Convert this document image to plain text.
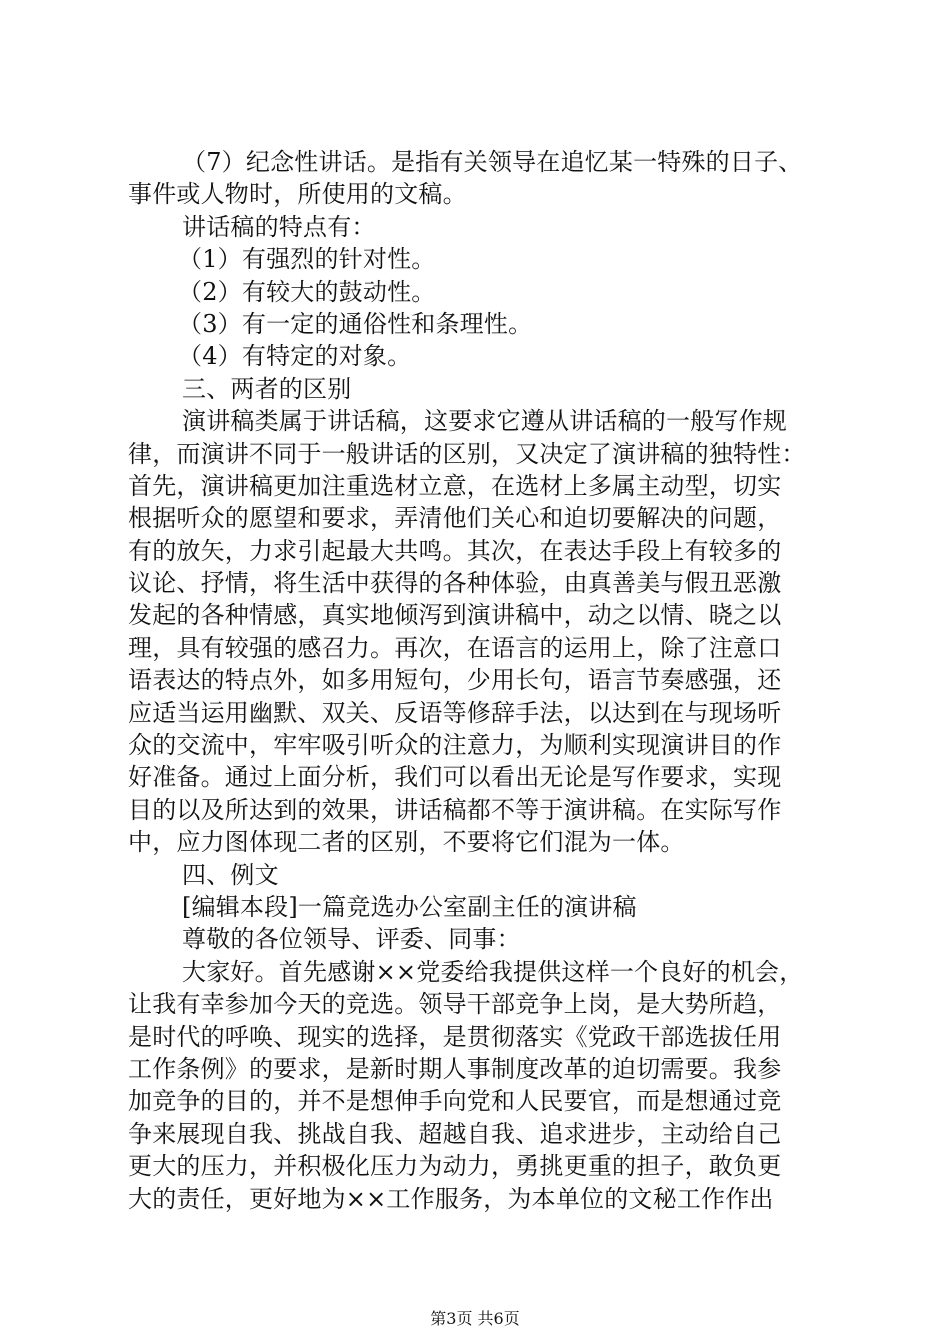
（7）纪念性讲话。是指有关领导在追忆某一特殊的日子、
事件或人物时，所使用的文稿。
讲话稿的特点有：
（1）有强烈的针对性。
（2）有较大的鼓动性。
（3）有一定的通俗性和条理性。
（4）有特定的对象。
三、两者的区别
演讲稿类属于讲话稿，这要求它遵从讲话稿的一般写作规
律，而演讲不同于一般讲话的区别，又决定了演讲稿的独特性：
首先，演讲稿更加注重选材立意，在选材上多属主动型，切实
根据听众的愿望和要求，弄清他们关心和迫切要解决的问题，
有的放矢，力求引起最大共鸣。其次，在表达手段上有较多的
议论、抒情，将生活中获得的各种体验，由真善美与假丑恶激
发起的各种情感，真实地倾泻到演讲稿中，动之以情、晓之以
理，具有较强的感召力。再次，在语言的运用上，除了注意口
语表达的特点外，如多用短句，少用长句，语言节奏感强，还
应适当运用幽默、双关、反语等修辞手法，以达到在与现场听
众的交流中，牢牢吸引听众的注意力，为顺利实现演讲目的作
好准备。通过上面分析，我们可以看出无论是写作要求，实现
目的以及所达到的效果，讲话稿都不等于演讲稿。在实际写作
中，应力图体现二者的区别，不要将它们混为一体。
四、例文
[编辑本段]一篇竞选办公室副主任的演讲稿
尊敬的各位领导、评委、同事：
大家好。首先感谢××党委给我提供这样一个良好的机会，
让我有幸参加今天的竞选。领导干部竞争上岗，是大势所趋，
是时代的呼唤、现实的选择，是贯彻落实《党政干部选拔任用
工作条例》的要求，是新时期人事制度改革的迫切需要。我参
加竞争的目的，并不是想伸手向党和人民要官，而是想通过竞
争来展现自我、挑战自我、超越自我、追求进步，主动给自己
更大的压力，并积极化压力为动力，勇挑更重的担子，敢负更
大的责任，更好地为××工作服务，为本单位的文秘工作作出
第3页 共6页
